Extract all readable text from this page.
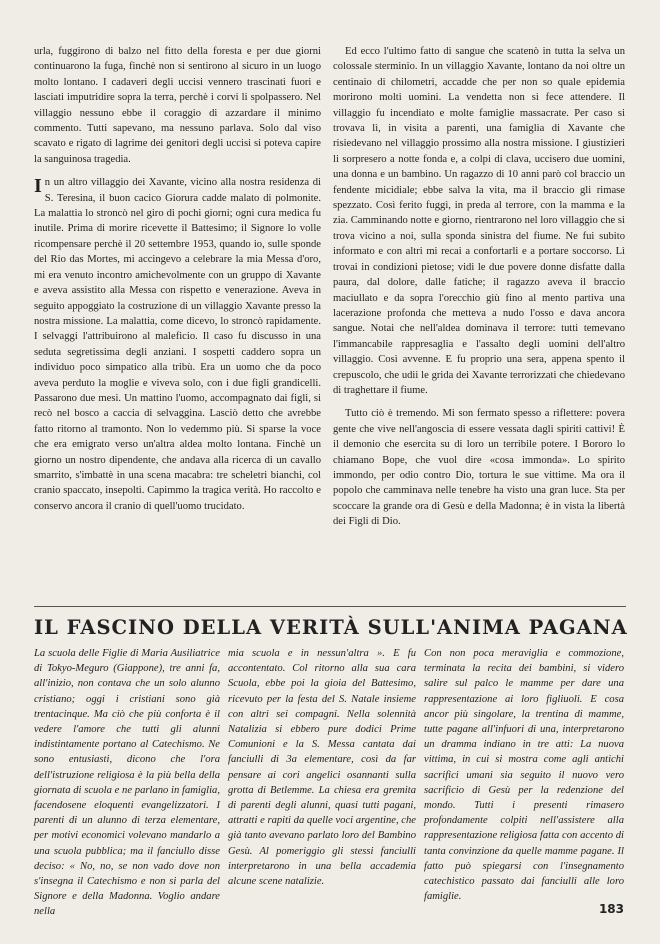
urla, fuggirono di balzo nel fitto della foresta e per due giorni continuarono la fuga, finchè non si sentirono al sicuro in un luogo molto lontano. I cadaveri degli uccisi vennero trascinati fuori e lasciati imputridire sopra la terra, perchè i corvi li spolpassero. Nel villaggio nessuno ebbe il coraggio di azzardare il minimo commento. Tutti sapevano, ma nessuno parlava. Solo dal viso scavato e rigato di lagrime dei genitori degli uccisi si poteva capire la sanguinosa tragedia.

In un altro villaggio dei Xavante, vicino alla nostra residenza di S. Teresina, il buon cacico Giorura cadde malato di polmonite. La malattia lo stroncò nel giro di pochi giorni; ogni cura medica fu inutile. Prima di morire ricevette il Battesimo; il Signore lo volle ricompensare perchè il 20 settembre 1953, quando io, sulle sponde del Rio das Mortes, mi accingevo a celebrare la mia Messa d'oro, mi era venuto incontro amichevolmente con un gruppo di Xavante e aveva assistito alla Messa con rispetto e venerazione. Aveva in seguito appoggiato la costruzione di un villaggio Xavante presso la nostra missione. La malattia, come dicevo, lo stroncò rapidamente. I selvaggi l'attribuirono al maleficio. Il caso fu discusso in una seduta segretissima degli anziani. I sospetti caddero sopra un individuo poco simpatico alla tribù. Era un uomo che da poco aveva perduto la moglie e viveva solo, con i due figli grandicelli. Passarono due mesi. Un mattino l'uomo, accompagnato dai figli, si recò nel bosco a caccia di selvaggina. Lasciò detto che avrebbe fatto ritorno al tramonto. Non lo vedemmo più. Si sparse la voce che era emigrato verso un'altra aldea molto lontana. Finchè un giorno un nostro dipendente, che andava alla ricerca di un cavallo smarrito, s'imbattè in una scena macabra: tre scheletri bianchi, col cranio spaccato, insepolti. Capimmo la tragica verità. Ho raccolto e conservo ancora il cranio di quell'uomo trucidato.

Ed ecco l'ultimo fatto di sangue che scatenò in tutta la selva un colossale sterminio. In un villaggio Xavante, lontano da noi oltre un centinaio di chilometri, accadde che per non so quale epidemia morirono molti uomini. La vendetta non si fece attendere. Il villaggio fu incendiato e molte famiglie massacrate. Per caso si trovava lì, in visita a parenti, una famiglia di Xavante che risiedevano nel villaggio prossimo alla nostra missione. I giustizieri li sorpresero a notte fonda e, a colpi di clava, uccisero due uomini, una donna e un bambino. Un ragazzo di 10 anni parò col braccio un fendente micidiale; ebbe salva la vita, ma il braccio gli rimase spezzato. Così ferito fuggì, in preda al terrore, con la mamma e la zia. Camminando notte e giorno, rientrarono nel loro villaggio che si trova vicino a noi, sulla sponda sinistra del fiume. Ne fui subito informato e con altri mi recai a confortarli e a portare soccorso. Lì trovai in condizioni pietose; vidi le due povere donne disfatte dalla paura, dal dolore, dalle fatiche; il ragazzo aveva il braccio maciullato e da sopra l'orecchio giù fino al mento partiva una lacerazione profonda che metteva a nudo l'osso e dava ancora sangue. Notai che nell'aldea dominava il terrore: tutti temevano l'immancabile rappresaglia e l'assalto degli uomini dell'altro villaggio. Così avvenne. E fu proprio una sera, appena spento il crepuscolo, che udii le grida dei Xavante terrorizzati che chiedevano di traghettare il fiume.

Tutto ciò è tremendo. Mi son fermato spesso a riflettere: povera gente che vive nell'angoscia di essere vessata dagli spiriti cattivi! È il demonio che esercita su di loro un terribile potere. I Bororo lo chiamano Bope, che vuol dire «cosa immonda». Lo spirito immondo, per odio contro Dio, tortura le sue vittime. Ma ora il popolo che camminava nelle tenebre ha visto una gran luce. Sta per scoccare la grande ora di Gesù e della Madonna; è in vista la libertà dei Figli di Dio.

IL FASCINO DELLA VERITÀ SULL'ANIMA PAGANA

La scuola delle Figlie di Maria Ausiliatrice di Tokyo-Meguro (Giappone), tre anni fa, all'inizio, non contava che un solo alunno cristiano; oggi i cristiani sono già trentacinque. Ma ciò che più conforta è il vedere l'amore che tutti gli alunni indistintamente portano al Catechismo. Ne sono entusiasti, dicono che l'ora dell'istruzione religiosa è la più bella della giornata di scuola e ne parlano in famiglia, facendosene eloquenti evangelizzatori. I parenti di un alunno di terza elementare, per motivi economici volevano mandarlo a una scuola pubblica; ma il fanciullo disse deciso: « No, no, se non vado dove non s'insegna il Catechismo e non si parla del Signore e della Madonna. Voglio andare nella

mia scuola e in nessun'altra ». E fu accontentato. Col ritorno alla sua cara Scuola, ebbe poi la gioia del Battesimo, ricevuto per la festa del S. Natale insieme con altri sei compagni. Nella solennità Natalizia si ebbero pure dodici Prime Comunioni e la S. Messa cantata dai fanciulli di 3a elementare, così da far pensare ai cori angelici osannanti sulla grotta di Betlemme. La chiesa era gremita di parenti degli alunni, quasi tutti pagani, attratti e rapiti da quelle voci argentine, che già tanto avevano parlato loro del Bambino Gesù. Al pomeriggio gli stessi fanciulli interpretarono in una bella accademia alcune scene natalizie.

Con non poca meraviglia e commozione, terminata la recita dei bambini, si videro salire sul palco le mamme per dare una rappresentazione ai loro figliuoli. E cosa ancor più singolare, la trentina di mamme, tutte pagane all'infuori di una, interpretarono un dramma indiano in tre atti: La nuova vittima, in cui si mostra come agli antichi sacrifici umani sia seguito il nuovo vero sacrificio di Gesù per la redenzione del mondo. Tutti i presenti rimasero profondamente colpiti nell'assistere alla rappresentazione religiosa fatta con accento di tanta convinzione da quelle mamme pagane. Il fatto può spiegarsi con l'insegnamento catechistico passato dai fanciulli alle loro famiglie.

183
